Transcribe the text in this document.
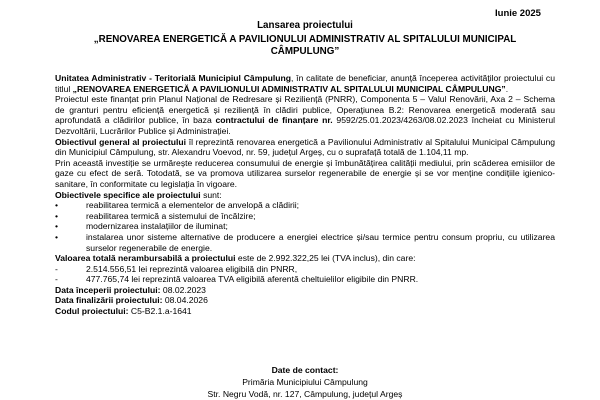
Iunie 2025
Lansarea proiectului
„RENOVAREA ENERGETICĂ A PAVILIONULUI ADMINISTRATIV AL SPITALULUI MUNICIPAL
CÂMPULUNG”

Unitatea Administrativ - Teritorială Municipiul Câmpulung, în calitate de beneficiar, anunță începerea activităților proiectului cu titlul „RENOVAREA ENERGETICĂ A PAVILIONULUI ADMINISTRATIV AL SPITALULUI MUNICIPAL CÂMPULUNG”.

Proiectul este finanțat prin Planul Național de Redresare și Reziliență (PNRR), Componenta 5 – Valul Renovării, Axa 2 – Schema de granturi pentru eficiență energetică și reziliență în clădiri publice, Operațiunea B.2: Renovarea energetică moderată sau aprofundată a clădirilor publice, în baza contractului de finanțare nr. 9592/25.01.2023/4263/08.02.2023 încheiat cu Ministerul Dezvoltării, Lucrărilor Publice și Administrației.

Obiectivul general al proiectului îl reprezintă renovarea energetică a Pavilionului Administrativ al Spitalului Municipal Câmpulung din Municipiul Câmpulung, str. Alexandru Voevod, nr. 59, județul Argeș, cu o suprafață totală de 1.104,11 mp.

Prin această investiție se urmărește reducerea consumului de energie și îmbunătățirea calității mediului, prin scăderea emisiilor de gaze cu efect de seră. Totodată, se va promova utilizarea surselor regenerabile de energie și se vor menține condițiile igienico-sanitare, în conformitate cu legislația în vigoare.

Obiectivele specifice ale proiectului sunt:

•	reabilitarea termică a elementelor de anvelopă a clădirii;

•	reabilitarea termică a sistemului de încălzire;

•	modernizarea instalațiilor de iluminat;

•	instalarea unor sisteme alternative de producere a energiei electrice și/sau termice pentru consum propriu, cu utilizarea surselor regenerabile de energie.

Valoarea totală nerambursabilă a proiectului este de 2.992.322,25 lei (TVA inclus), din care:

-	2.514.556,51 lei reprezintă valoarea eligibilă din PNRR,

-	477.765,74 lei reprezintă valoarea TVA eligibilă aferentă cheltuielilor eligibile din PNRR.

Data începerii proiectului: 08.02.2023

Data finalizării proiectului: 08.04.2026

Codul proiectului: C5-B2.1.a-1641

Date de contact:
Primăria Municipiului Câmpulung
Str. Negru Vodă, nr. 127, Câmpulung, județul Argeș
